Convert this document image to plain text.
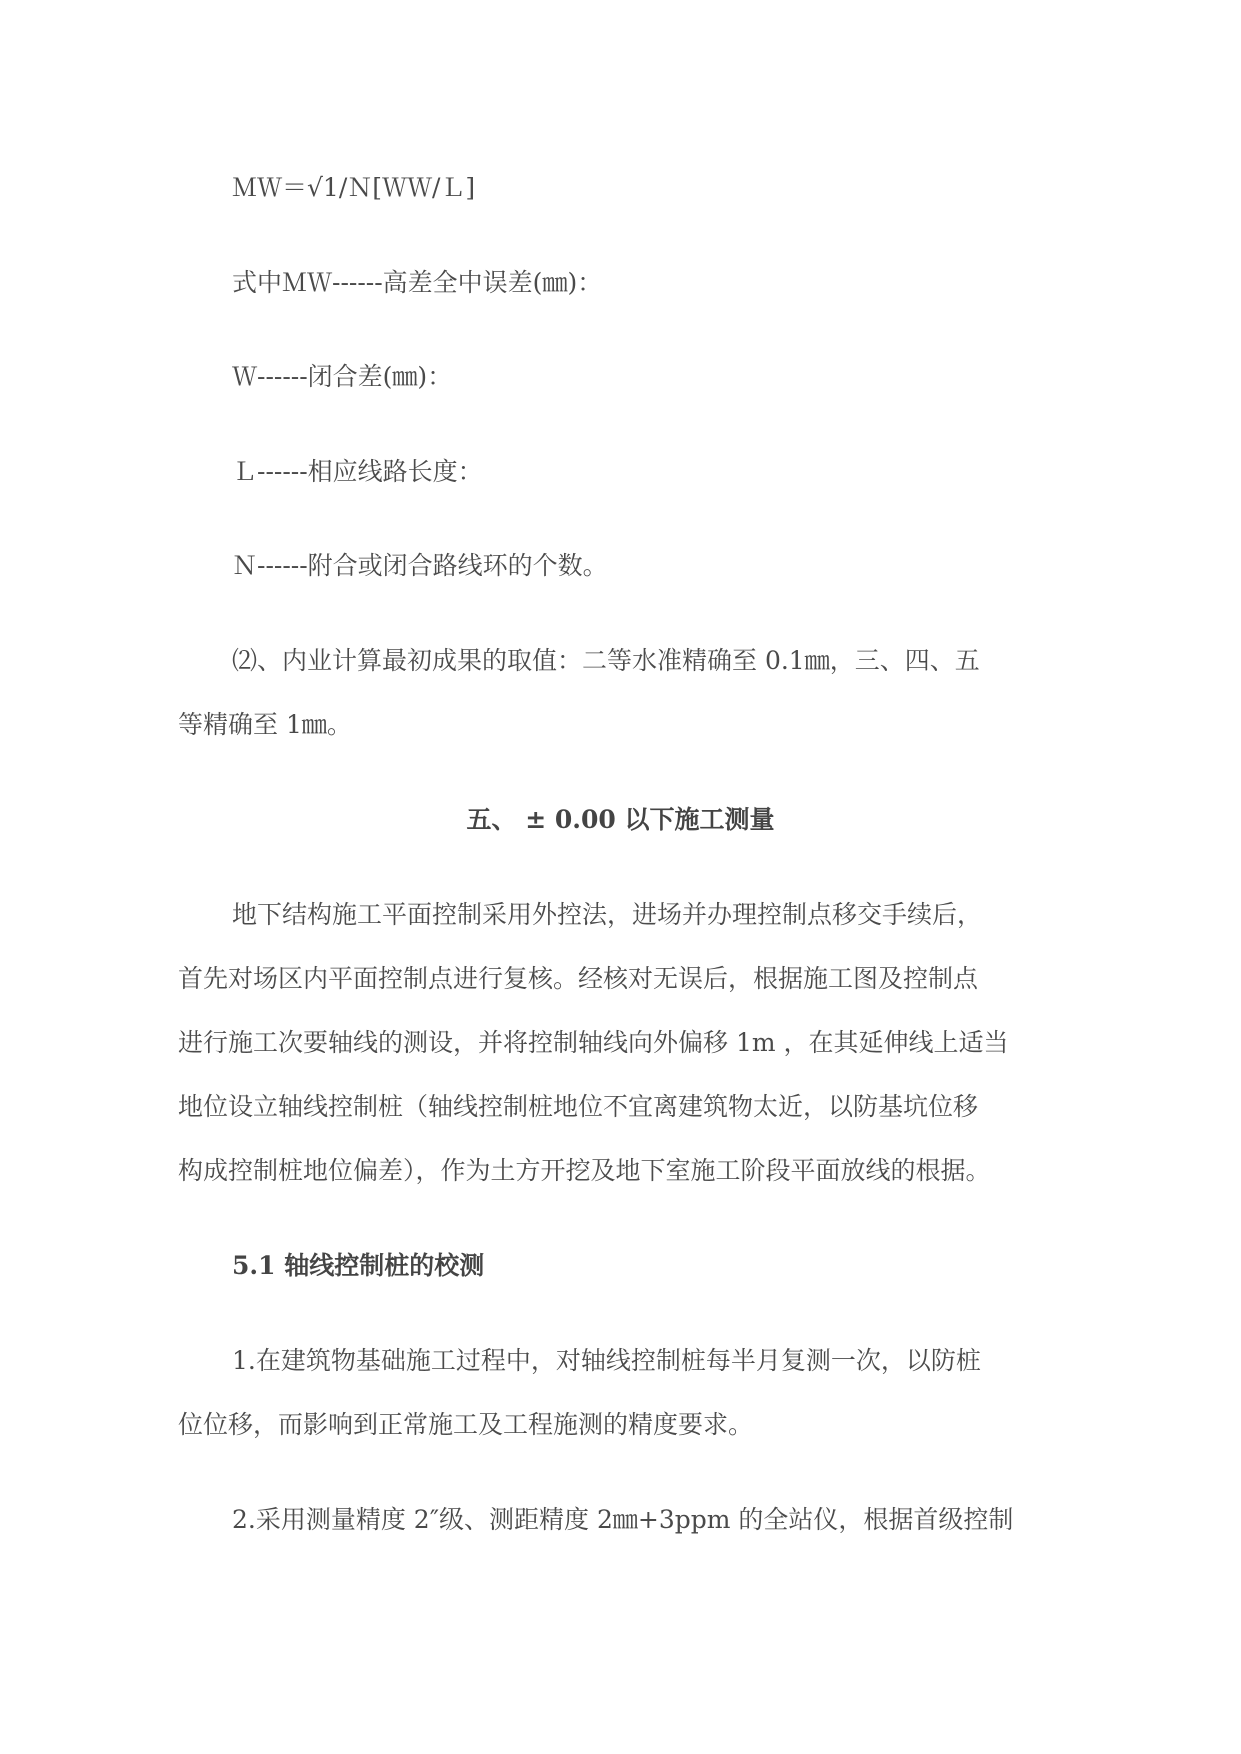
ＭＷ＝√1/Ｎ[ＷＷ/Ｌ]

式中ＭＷ------高差全中误差(㎜)：

Ｗ------闭合差(㎜)：

Ｌ------相应线路长度：

Ｎ------附合或闭合路线环的个数。

⑵、内业计算最初成果的取值：二等水准精确至 0.1㎜，三、四、五

等精确至 1㎜。

五、 ± 0.00 以下施工测量

地下结构施工平面控制采用外控法，进场并办理控制点移交手续后，

首先对场区内平面控制点进行复核。经核对无误后，根据施工图及控制点

进行施工次要轴线的测设，并将控制轴线向外偏移 1m ，在其延伸线上适当

地位设立轴线控制桩（轴线控制桩地位不宜离建筑物太近，以防基坑位移

构成控制桩地位偏差），作为土方开挖及地下室施工阶段平面放线的根据。

5.1 轴线控制桩的校测

1.在建筑物基础施工过程中，对轴线控制桩每半月复测一次，以防桩

位位移，而影响到正常施工及工程施测的精度要求。

2.采用测量精度 2″级、测距精度 2㎜+3ppm 的全站仪，根据首级控制
